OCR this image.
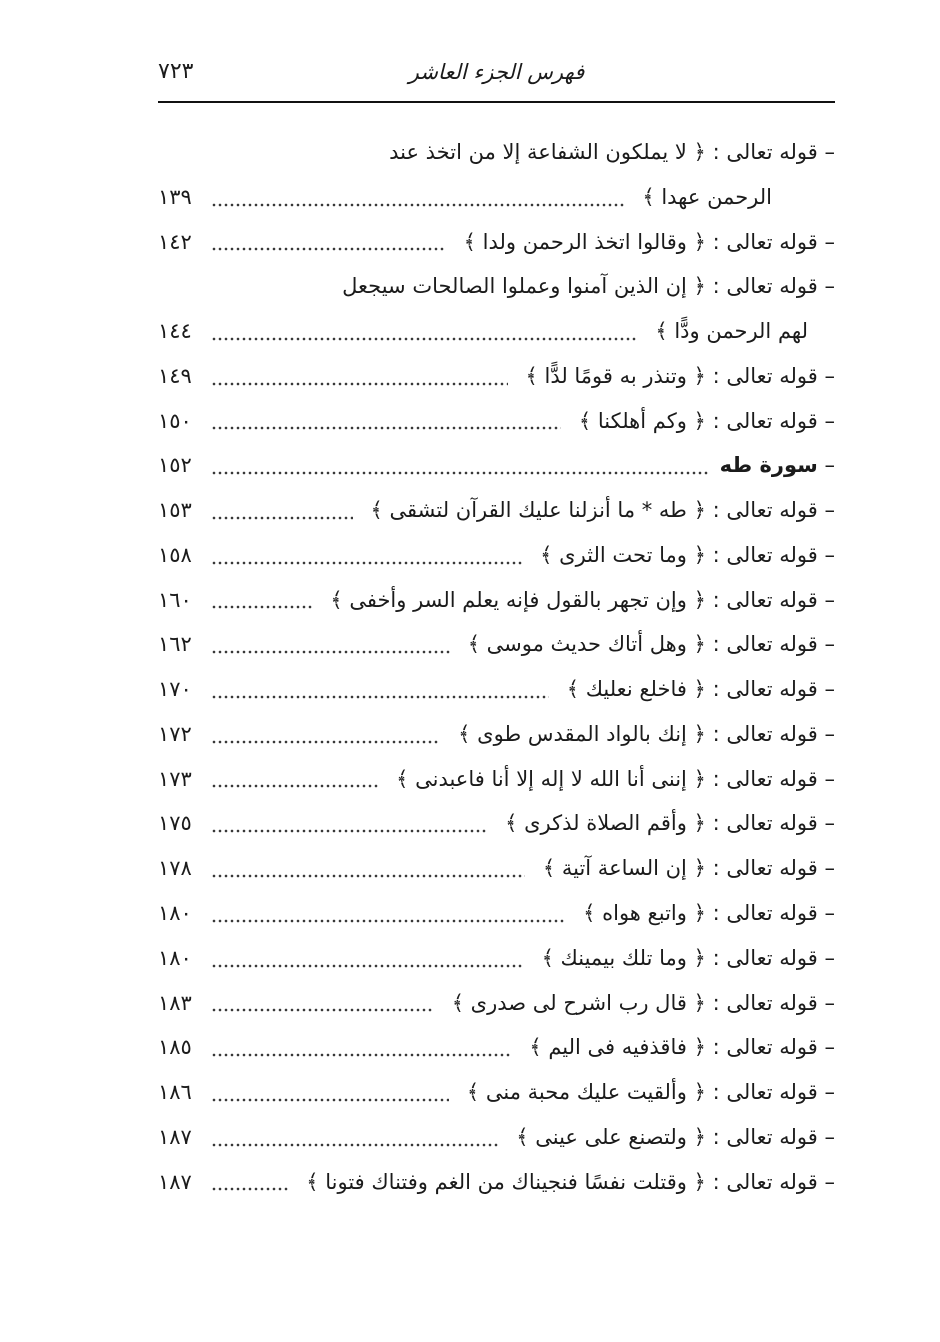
٧٢٣	فهرس الجزء العاشر
– قوله تعالى : ﴿ لا يملكون الشفاعة إلا من اتخذ عند
الرحمن عهدا ﴾
١٣٩
– قوله تعالى : ﴿ وقالوا اتخذ الرحمن ولدا ﴾
١٤٢
– قوله تعالى : ﴿ إن الذين آمنوا وعملوا الصالحات سيجعل
لهم الرحمن ودًّا ﴾
١٤٤
– قوله تعالى : ﴿ وتنذر به قومًا لدًّا ﴾
١٤٩
– قوله تعالى : ﴿ وكم أهلكنا ﴾
١٥٠
– سورة طه
١٥٢
– قوله تعالى : ﴿ طه * ما أنزلنا عليك القرآن لتشقى ﴾
١٥٣
– قوله تعالى : ﴿ وما تحت الثرى ﴾
١٥٨
– قوله تعالى : ﴿ وإن تجهر بالقول فإنه يعلم السر وأخفى ﴾
١٦٠
– قوله تعالى : ﴿ وهل أتاك حديث موسى ﴾
١٦٢
– قوله تعالى : ﴿ فاخلع نعليك ﴾
١٧٠
– قوله تعالى : ﴿ إنك بالواد المقدس طوى ﴾
١٧٢
– قوله تعالى : ﴿ إننى أنا الله لا إله إلا أنا فاعبدنى ﴾
١٧٣
– قوله تعالى : ﴿ وأقم الصلاة لذكرى ﴾
١٧٥
– قوله تعالى : ﴿ إن الساعة آتية ﴾
١٧٨
– قوله تعالى : ﴿ واتبع هواه ﴾
١٨٠
– قوله تعالى : ﴿ وما تلك بيمينك ﴾
١٨٠
– قوله تعالى : ﴿ قال رب اشرح لى صدرى ﴾
١٨٣
– قوله تعالى : ﴿ فاقذفيه فى اليم ﴾
١٨٥
– قوله تعالى : ﴿ وألقيت عليك محبة منى ﴾
١٨٦
– قوله تعالى : ﴿ ولتصنع على عينى ﴾
١٨٧
– قوله تعالى : ﴿ وقتلت نفسًا فنجيناك من الغم وفتناك فتونا ﴾
١٨٧
